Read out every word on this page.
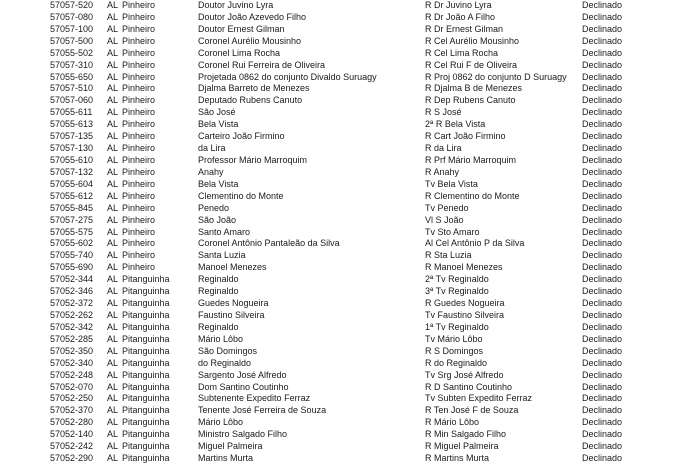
57057-520	AL Pinheiro	Doutor Juvino Lyra	R Dr Juvino Lyra	Declinado
57057-080	AL Pinheiro	Doutor João Azevedo Filho	R Dr João A Filho	Declinado
57057-100	AL Pinheiro	Doutor Ernest Gilman	R Dr Ernest Gilman	Declinado
57057-500	AL Pinheiro	Coronel Aurélio Mousinho	R Cel Aurélio Mousinho	Declinado
57055-502	AL Pinheiro	Coronel Lima Rocha	R Cel Lima Rocha	Declinado
57057-310	AL Pinheiro	Coronel Rui Ferreira de Oliveira	R Cel Rui F de Oliveira	Declinado
57055-650	AL Pinheiro	Projetada 0862 do conjunto Divaldo Suruagy	R Proj 0862 do conjunto D Suruagy	Declinado
57057-510	AL Pinheiro	Djalma Barreto de Menezes	R Djalma B de Menezes	Declinado
57057-060	AL Pinheiro	Deputado Rubens Canuto	R Dep Rubens Canuto	Declinado
57055-611	AL Pinheiro	São José	R S José	Declinado
57055-613	AL Pinheiro	Bela Vista	2ª R Bela Vista	Declinado
57057-135	AL Pinheiro	Carteiro João Firmino	R Cart João Firmino	Declinado
57057-130	AL Pinheiro	da Lira	R da Lira	Declinado
57055-610	AL Pinheiro	Professor Mário Marroquim	R Prf Mário Marroquim	Declinado
57057-132	AL Pinheiro	Anahy	R Anahy	Declinado
57055-604	AL Pinheiro	Bela Vista	Tv Bela Vista	Declinado
57055-612	AL Pinheiro	Clementino do Monte	R Clementino do Monte	Declinado
57055-845	AL Pinheiro	Penedo	Tv Penedo	Declinado
57057-275	AL Pinheiro	São João	Vl S João	Declinado
57055-575	AL Pinheiro	Santo Amaro	Tv Sto Amaro	Declinado
57055-602	AL Pinheiro	Coronel Antônio Pantaleão da Silva	Al Cel Antônio P da Silva	Declinado
57055-740	AL Pinheiro	Santa Luzia	R Sta Luzia	Declinado
57055-690	AL Pinheiro	Manoel Menezes	R Manoel Menezes	Declinado
57052-344	AL Pitanguinha	Reginaldo	2ª Tv Reginaldo	Declinado
57052-346	AL Pitanguinha	Reginaldo	3ª Tv Reginaldo	Declinado
57052-372	AL Pitanguinha	Guedes Nogueira	R Guedes Nogueira	Declinado
57052-262	AL Pitanguinha	Faustino Silveira	Tv Faustino Silveira	Declinado
57052-342	AL Pitanguinha	Reginaldo	1ª Tv Reginaldo	Declinado
57052-285	AL Pitanguinha	Mário Lôbo	Tv Mário Lôbo	Declinado
57052-350	AL Pitanguinha	São Domingos	R S Domingos	Declinado
57052-340	AL Pitanguinha	do Reginaldo	R do Reginaldo	Declinado
57052-248	AL Pitanguinha	Sargento José Alfredo	Tv Srg José Alfredo	Declinado
57052-070	AL Pitanguinha	Dom Santino Coutinho	R D Santino Coutinho	Declinado
57052-250	AL Pitanguinha	Subtenente Expedito Ferraz	Tv Subten Expedito Ferraz	Declinado
57052-370	AL Pitanguinha	Tenente José Ferreira de Souza	R Ten José F de Souza	Declinado
57052-280	AL Pitanguinha	Mário Lôbo	R Mário Lôbo	Declinado
57052-140	AL Pitanguinha	Ministro Salgado Filho	R Min Salgado Filho	Declinado
57052-242	AL Pitanguinha	Miguel Palmeira	R Miguel Palmeira	Declinado
57052-290	AL Pitanguinha	Martins Murta	R Martins Murta	Declinado
